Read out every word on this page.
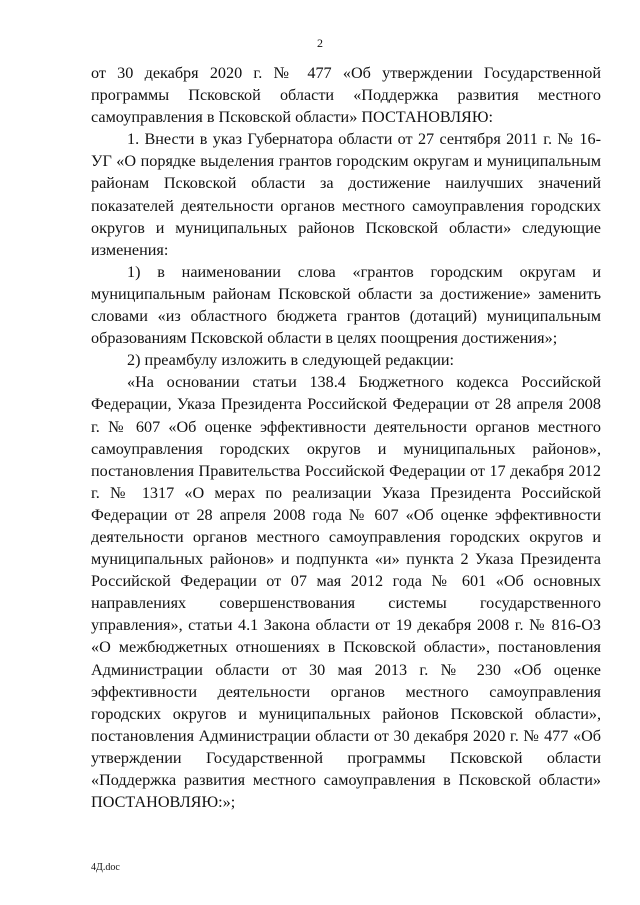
2

от 30 декабря 2020 г. № 477 «Об утверждении Государственной программы Псковской области «Поддержка развития местного самоуправления в Псковской области» ПОСТАНОВЛЯЮ:

1. Внести в указ Губернатора области от 27 сентября 2011 г. № 16-УГ «О порядке выделения грантов городским округам и муниципальным районам Псковской области за достижение наилучших значений показателей деятельности органов местного самоуправления городских округов и муниципальных районов Псковской области» следующие изменения:

1) в наименовании слова «грантов городским округам и муниципальным районам Псковской области за достижение» заменить словами «из областного бюджета грантов (дотаций) муниципальным образованиям Псковской области в целях поощрения достижения»;

2) преамбулу изложить в следующей редакции:

«На основании статьи 138.4 Бюджетного кодекса Российской Федерации, Указа Президента Российской Федерации от 28 апреля 2008 г. № 607 «Об оценке эффективности деятельности органов местного самоуправления городских округов и муниципальных районов», постановления Правительства Российской Федерации от 17 декабря 2012 г. № 1317 «О мерах по реализации Указа Президента Российской Федерации от 28 апреля 2008 года № 607 «Об оценке эффективности деятельности органов местного самоуправления городских округов и муниципальных районов» и подпункта «и» пункта 2 Указа Президента Российской Федерации от 07 мая 2012 года № 601 «Об основных направлениях совершенствования системы государственного управления», статьи 4.1 Закона области от 19 декабря 2008 г. № 816-ОЗ «О межбюджетных отношениях в Псковской области», постановления Администрации области от 30 мая 2013 г. № 230 «Об оценке эффективности деятельности органов местного самоуправления городских округов и муниципальных районов Псковской области», постановления Администрации области от 30 декабря 2020 г. № 477 «Об утверждении Государственной программы Псковской области «Поддержка развития местного самоуправления в Псковской области» ПОСТАНОВЛЯЮ:»;

4Д.doc
